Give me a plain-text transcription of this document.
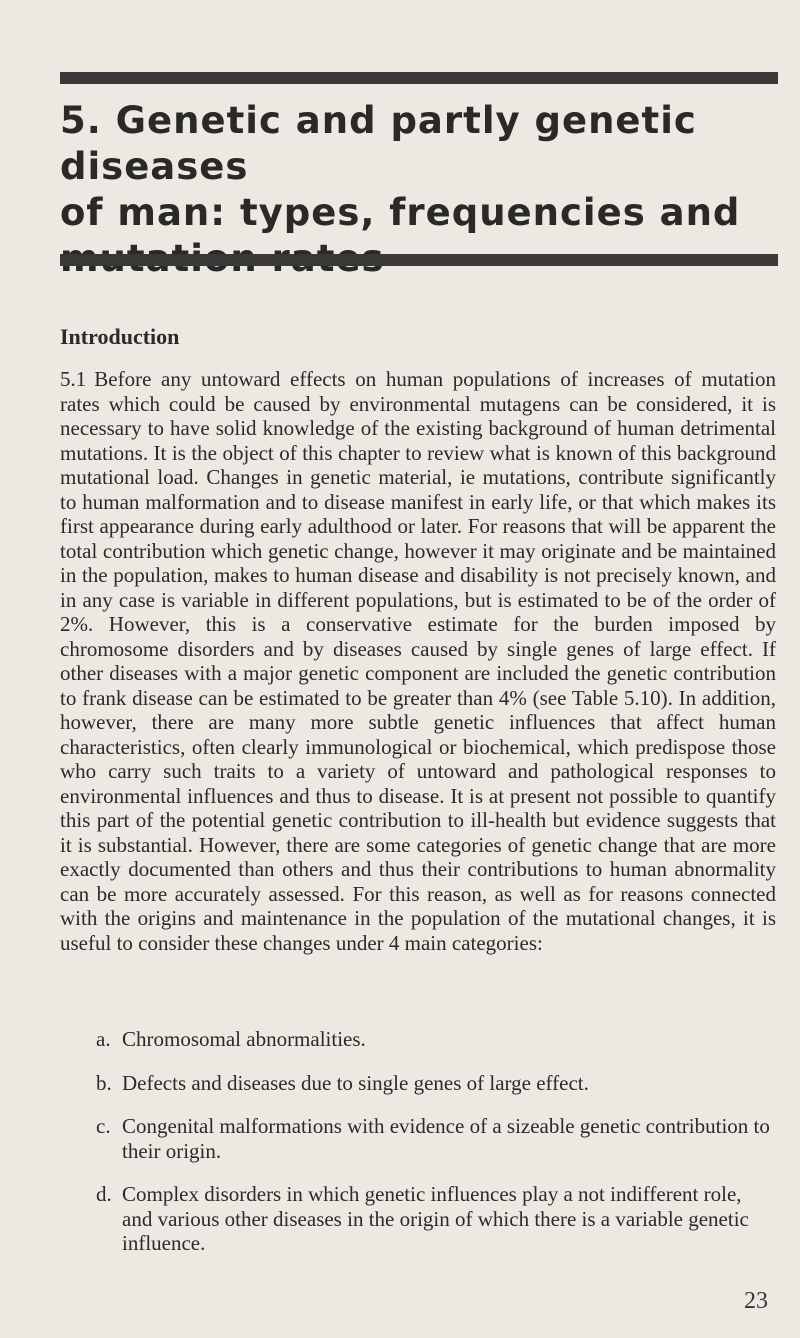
5. Genetic and partly genetic diseases
of man: types, frequencies and

Introduction

5.1 Before any untoward effects on human populations of increases of mutation rates which could be caused by environmental mutagens can be considered, it is necessary to have solid knowledge of the existing background of human detrimental mutations. It is the object of this chapter to review what is known of this background mutational load. Changes in genetic material, ie mutations, contribute significantly to human malformation and to disease manifest in early life, or that which makes its first appearance during early adulthood or later. For reasons that will be apparent the total contribution which genetic change, however it may originate and be maintained in the population, makes to human disease and disability is not precisely known, and in any case is variable in different populations, but is estimated to be of the order of 2%. However, this is a conservative estimate for the burden imposed by chromosome disorders and by diseases caused by single genes of large effect. If other diseases with a major genetic component are included the genetic contribution to frank disease can be estimated to be greater than 4% (see Table 5.10). In addition, however, there are many more subtle genetic influences that affect human characteristics, often clearly immunological or biochemical, which predispose those who carry such traits to a variety of untoward and pathological responses to environmental influences and thus to disease. It is at present not possible to quantify this part of the potential genetic contribution to ill-health but evidence suggests that it is substantial. However, there are some categories of genetic change that are more exactly documented than others and thus their contributions to human abnormality can be more accurately assessed. For this reason, as well as for reasons connected with the origins and maintenance in the population of the mutational changes, it is useful to consider these changes under 4 main categories:

a. Chromosomal abnormalities.
b. Defects and diseases due to single genes of large effect.
c. Congenital malformations with evidence of a sizeable genetic contribution to their origin.
d. Complex disorders in which genetic influences play a not indifferent role, and various other diseases in the origin of which there is a variable genetic influence.
23
